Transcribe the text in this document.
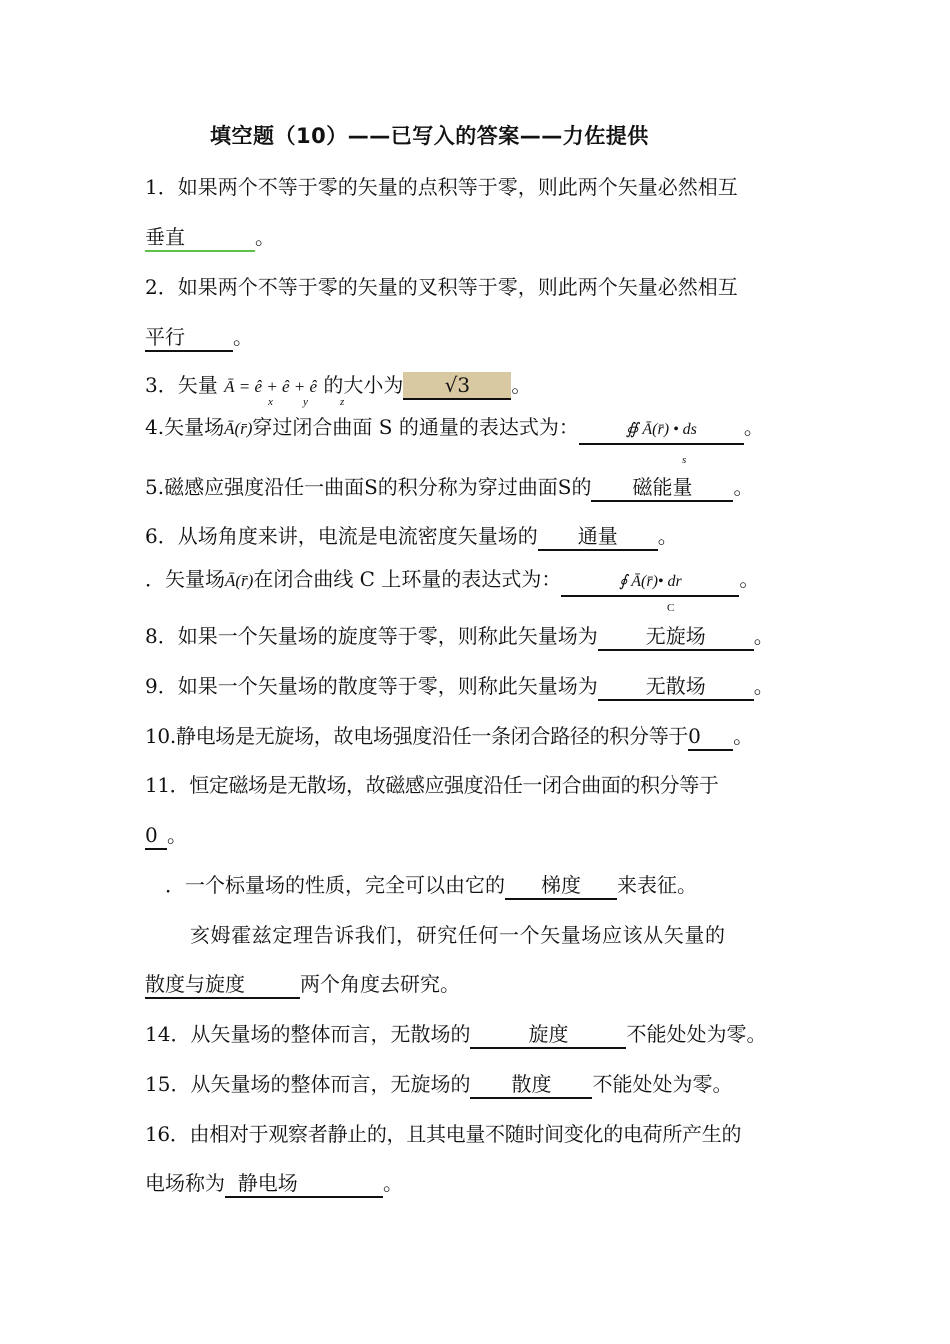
填空题（10）——已写入的答案——力佐提供
1．如果两个不等于零的矢量的点积等于零，则此两个矢量必然相互
垂直	。
2．如果两个不等于零的矢量的叉积等于零，则此两个矢量必然相互
平行 。
3．矢量 Ā = ê + ê + ê 的大小为 √3 。
x	y	z
4.矢量场Ā(r̄)穿过闭合曲面 S 的通量的表达式为：	∯ Ā(r̄) • ds 。
s
5.磁感应强度沿任一曲面S的积分称为穿过曲面S的 磁能量 。
6．从场角度来讲，电流是电流密度矢量场的 通量 。
．矢量场Ā(r̄)在闭合曲线 C 上环量的表达式为：	∮ Ā(r̄)• dr	。
C
8．如果一个矢量场的旋度等于零，则称此矢量场为 无旋场 。
9．如果一个矢量场的散度等于零，则称此矢量场为 无散场 。
10.静电场是无旋场，故电场强度沿任一条闭合路径的积分等于0 。
11．恒定磁场是无散场，故磁感应强度沿任一闭合曲面的积分等于
0 。
．一个标量场的性质，完全可以由它的 梯度 来表征。
亥姆霍兹定理告诉我们，研究任何一个矢量场应该从矢量的
散度与旋度	两个角度去研究。
14．从矢量场的整体而言，无散场的	旋度	不能处处为零。
15．从矢量场的整体而言，无旋场的 散度 不能处处为零。
16．由相对于观察者静止的，且其电量不随时间变化的电荷所产生的
电场称为 静电场	。
